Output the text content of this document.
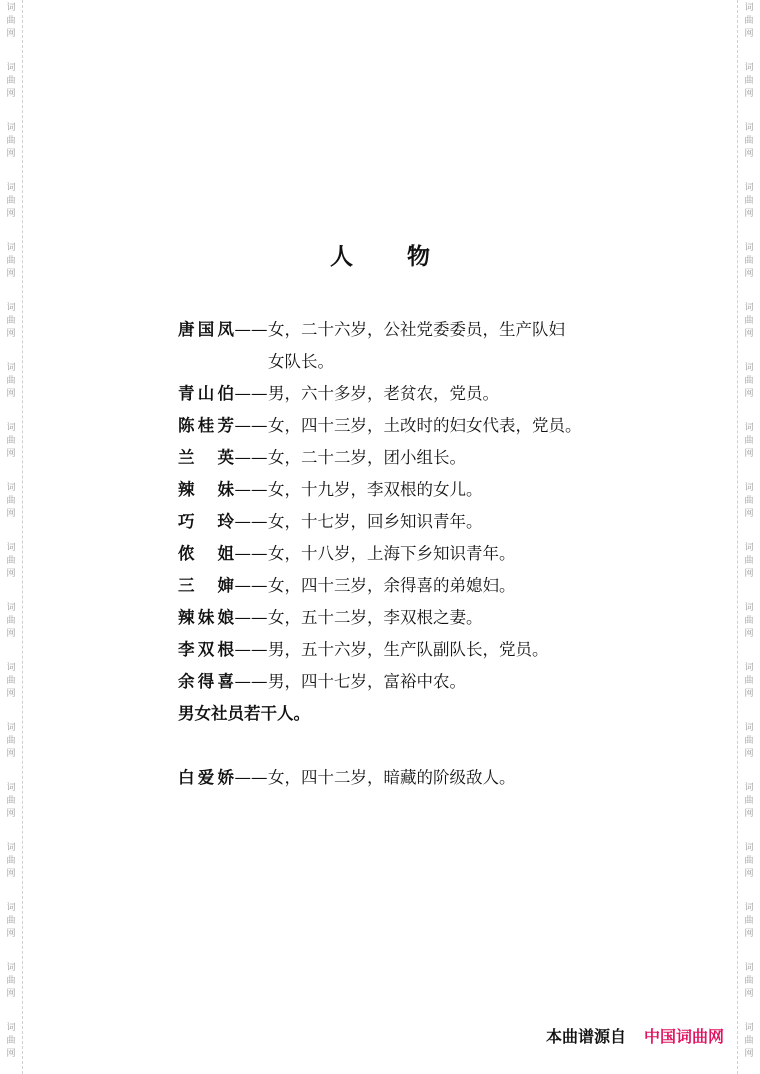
词
曲
网
词
曲
网
词
曲
网
词
曲
网
词
曲
网
词
曲
网
词
曲
网
词
曲
网
词
曲
网
词
曲
网
词
曲
网
词
曲
网
词
曲
网
词
曲
网
词
曲
网
词
曲
网
词
曲
网
词
曲
网
词
曲
网
词
曲
网
词
曲
网
词
曲
网
词
曲
网
词
曲
网
词
曲
网
词
曲
网
词
曲
网
词
曲
网
词
曲
网
词
曲
网
词
曲
网
词
曲
网
词
曲
网
词
曲
网
词
曲
网
词
曲
网
人 物
唐国凤——女，二十六岁，公社党委委员，生产队妇
女队长。
青山伯——男，六十多岁，老贫农，党员。
陈桂芳——女，四十三岁，土改时的妇女代表，党员。
兰　英——女，二十二岁，团小组长。
辣　妹——女，十九岁，李双根的女儿。
巧　玲——女，十七岁，回乡知识青年。
侬　姐——女，十八岁，上海下乡知识青年。
三　婶——女，四十三岁，余得喜的弟媳妇。
辣妹娘——女，五十二岁，李双根之妻。
李双根——男，五十六岁，生产队副队长，党员。
余得喜——男，四十七岁，富裕中农。
男女社员若干人。
白爱娇——女，四十二岁，暗藏的阶级敌人。
本曲谱源自 中国词曲网
